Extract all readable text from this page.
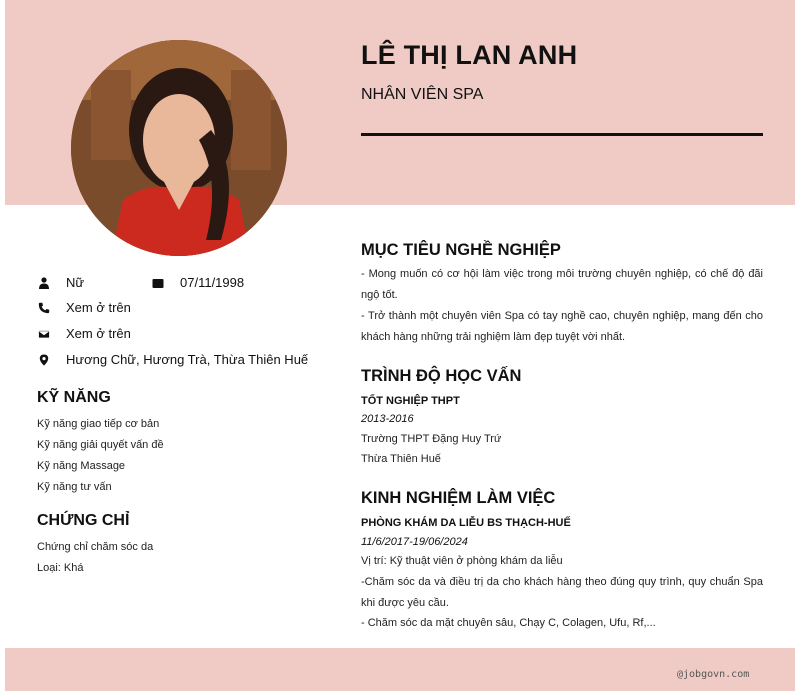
LÊ THỊ LAN ANH
NHÂN VIÊN SPA
Nữ	07/11/1998
Xem ở trên
Xem ở trên
Hương Chữ, Hương Trà, Thừa Thiên Huế
KỸ NĂNG
Kỹ năng giao tiếp cơ bản
Kỹ năng giải quyết vấn đề
Kỹ năng Massage
Kỹ năng tư vấn
CHỨNG CHỈ
Chứng chỉ chăm sóc da
Loại: Khá
MỤC TIÊU NGHỀ NGHIỆP
- Mong muốn có cơ hội làm việc trong môi trường chuyên nghiệp, có chế độ đãi ngộ tốt.
- Trở thành một chuyên viên Spa có tay nghề cao, chuyên nghiệp, mang đến cho khách hàng những trải nghiệm làm đẹp tuyệt vời nhất.
TRÌNH ĐỘ HỌC VẤN
TỐT NGHIỆP THPT
2013-2016
Trường THPT Đặng Huy Trứ
Thừa Thiên Huế
KINH NGHIỆM LÀM VIỆC
PHÒNG KHÁM DA LIỄU BS THẠCH-HUẾ
11/6/2017-19/06/2024
Vị trí: Kỹ thuật viên ở phòng khám da liễu
-Chăm sóc da và điều trị da cho khách hàng theo đúng quy trình, quy chuẩn Spa khi được yêu cầu.
- Chăm sóc da mặt chuyên sâu, Chạy C, Colagen, Ufu, Rf,...
@jobgovn.com
